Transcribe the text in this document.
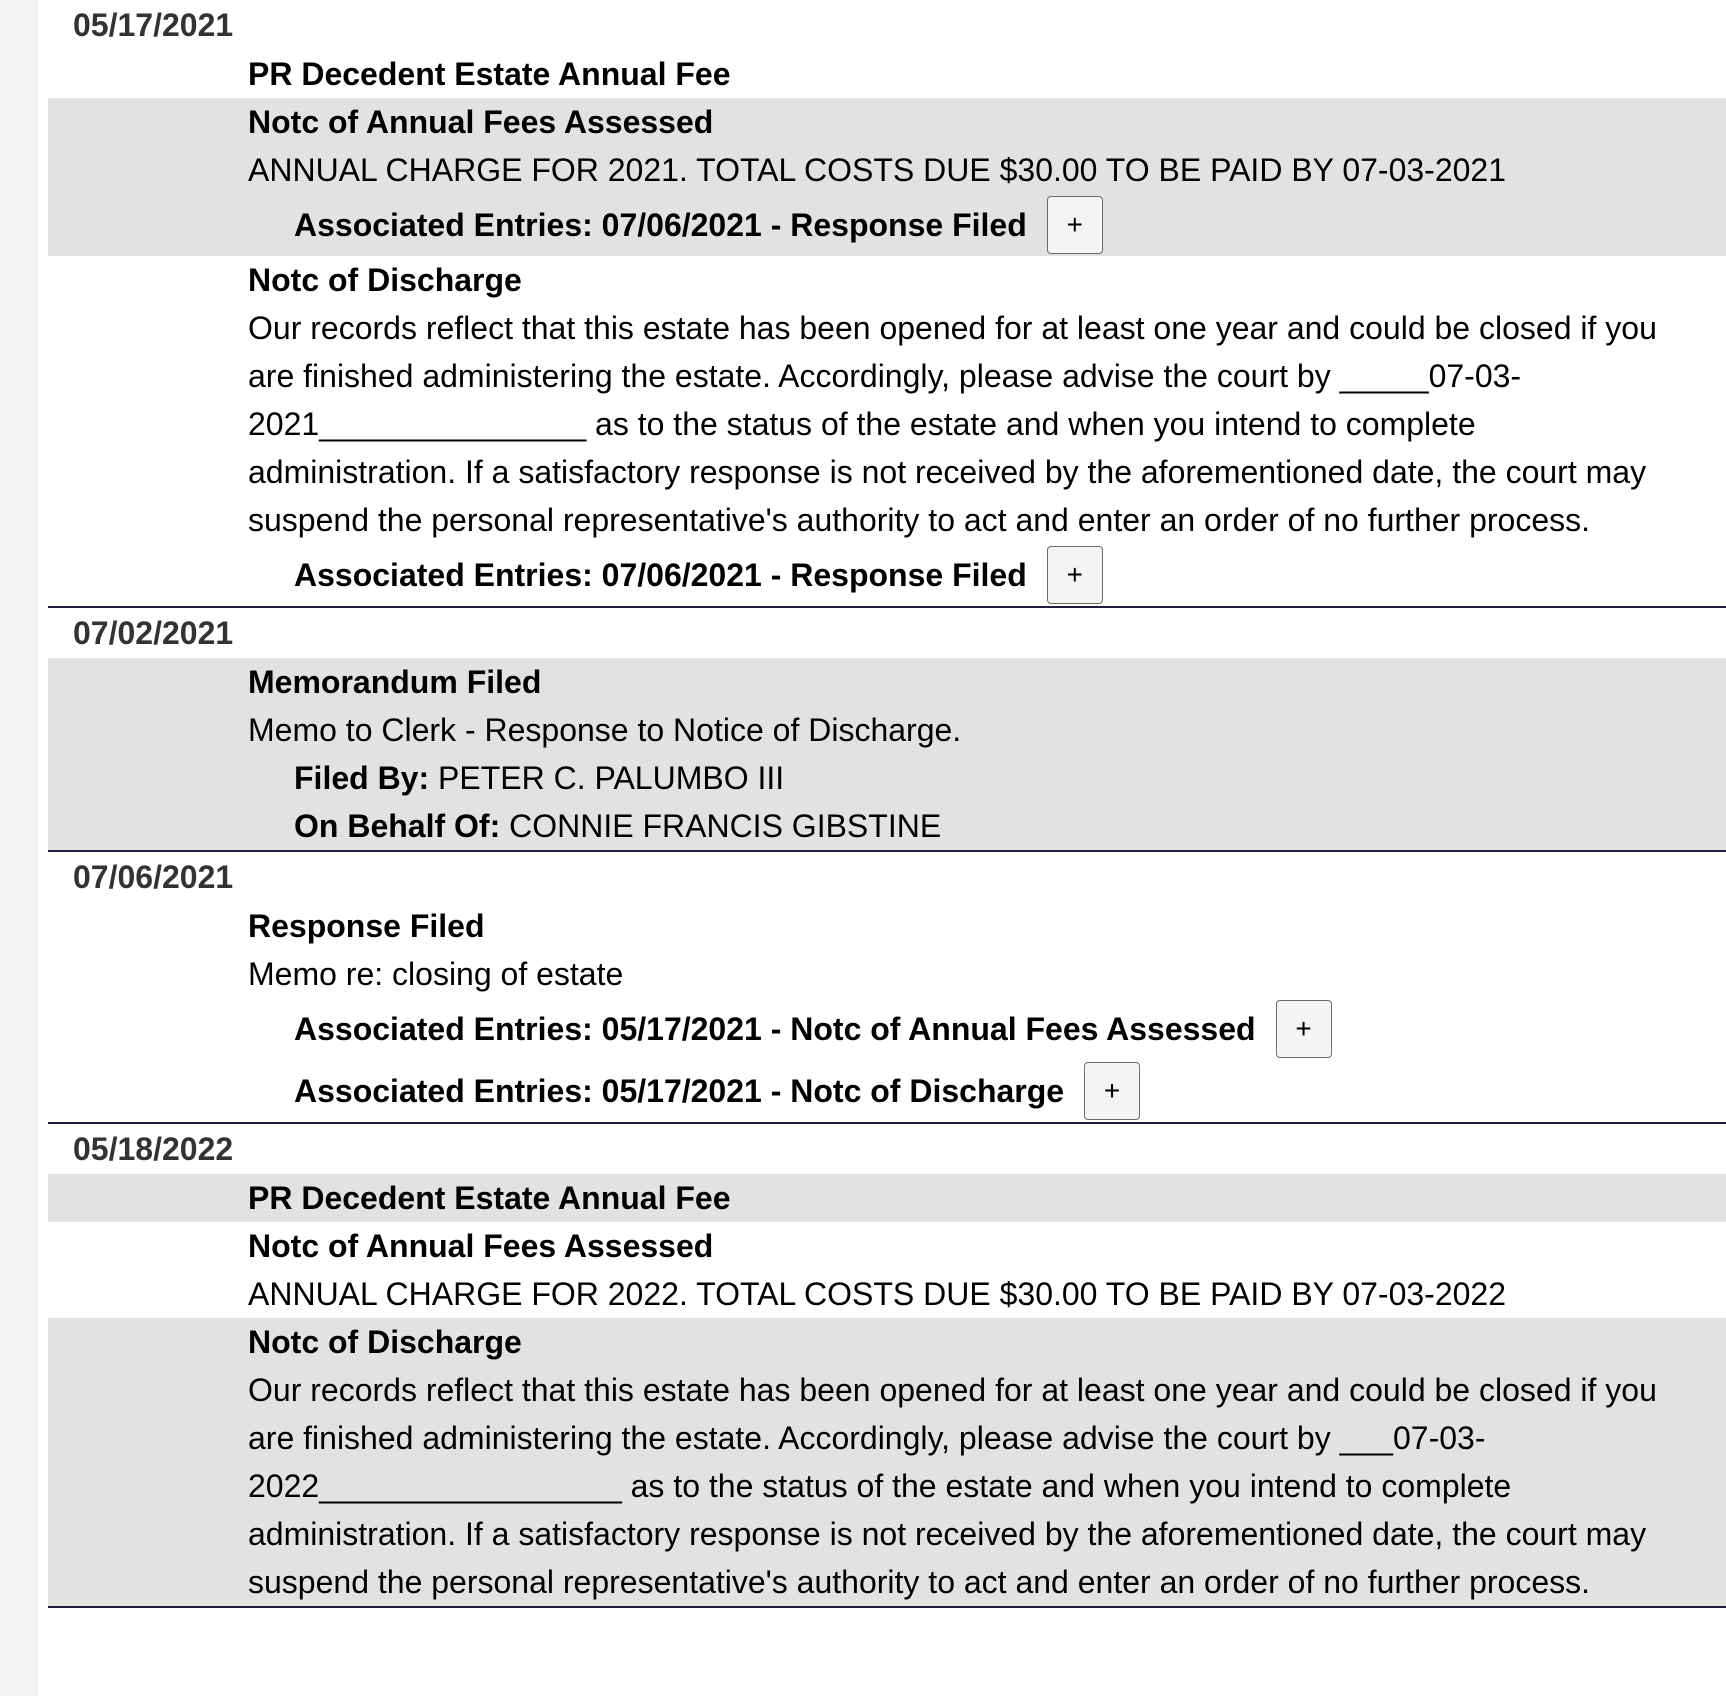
05/17/2021
PR Decedent Estate Annual Fee
Notc of Annual Fees Assessed
ANNUAL CHARGE FOR 2021. TOTAL COSTS DUE $30.00 TO BE PAID BY 07-03-2021
Associated Entries: 07/06/2021 - Response Filed	+
Notc of Discharge
Our records reflect that this estate has been opened for at least one year and could be closed if you are finished administering the estate. Accordingly, please advise the court by _____07-03-2021_______________ as to the status of the estate and when you intend to complete administration. If a satisfactory response is not received by the aforementioned date, the court may suspend the personal representative's authority to act and enter an order of no further process.
Associated Entries: 07/06/2021 - Response Filed	+
07/02/2021
Memorandum Filed
Memo to Clerk - Response to Notice of Discharge.
Filed By: PETER C. PALUMBO III
On Behalf Of: CONNIE FRANCIS GIBSTINE
07/06/2021
Response Filed
Memo re: closing of estate
Associated Entries: 05/17/2021 - Notc of Annual Fees Assessed	+
Associated Entries: 05/17/2021 - Notc of Discharge	+
05/18/2022
PR Decedent Estate Annual Fee
Notc of Annual Fees Assessed
ANNUAL CHARGE FOR 2022. TOTAL COSTS DUE $30.00 TO BE PAID BY 07-03-2022
Notc of Discharge
Our records reflect that this estate has been opened for at least one year and could be closed if you are finished administering the estate. Accordingly, please advise the court by ___07-03-2022_________________ as to the status of the estate and when you intend to complete administration. If a satisfactory response is not received by the aforementioned date, the court may suspend the personal representative's authority to act and enter an order of no further process.
